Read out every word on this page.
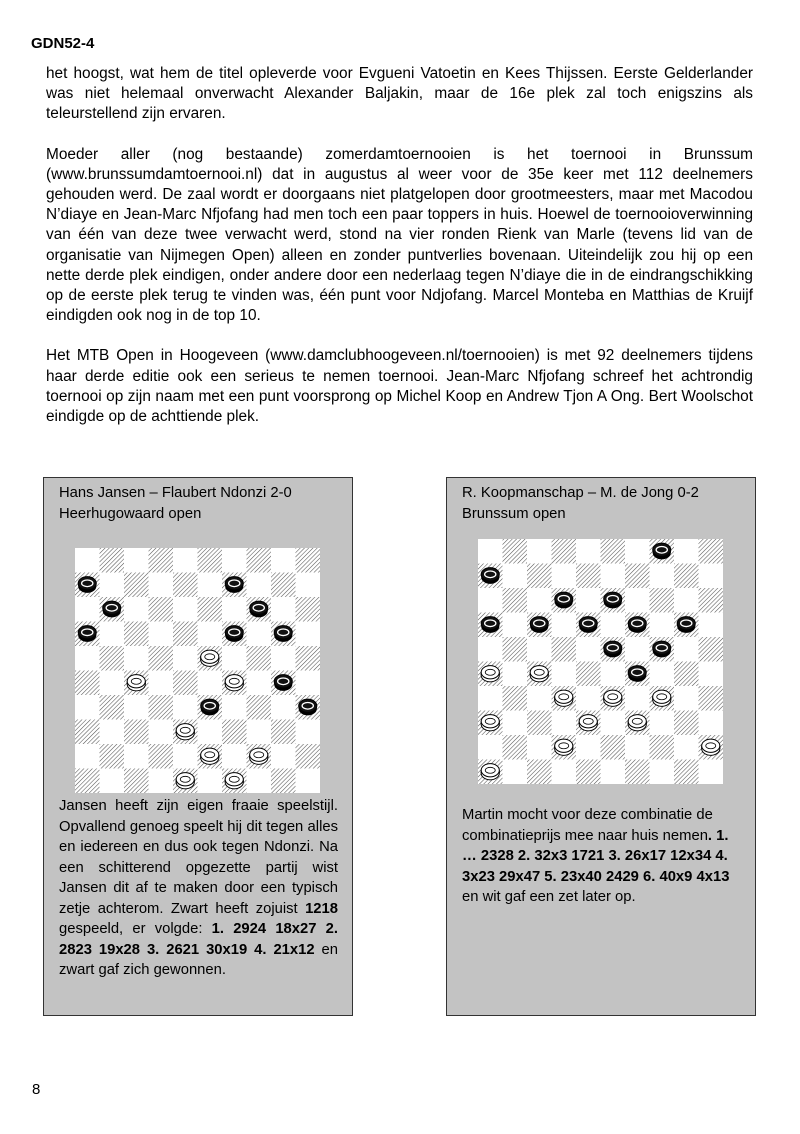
GDN52-4

het hoogst, wat hem de titel opleverde voor Evgueni Vatoetin en Kees Thijssen. Eerste Gelderlander was niet helemaal onverwacht Alexander Baljakin, maar de 16e plek zal toch enigszins als teleurstellend zijn ervaren.

Moeder aller (nog bestaande) zomerdamtoernooien is het toernooi in Brunssum (www.brunssumdamtoernooi.nl) dat in augustus al weer voor de 35e keer met 112 deelnemers gehouden werd. De zaal wordt er doorgaans niet platgelopen door grootmeesters, maar met Macodou N’diaye en Jean-Marc Nfjofang had men toch een paar toppers in huis. Hoewel de toernooioverwinning van één van deze twee verwacht werd, stond na vier ronden Rienk van Marle (tevens lid van de organisatie van Nijmegen Open) alleen en zonder puntverlies bovenaan. Uiteindelijk zou hij op een nette derde plek eindigen, onder andere door een nederlaag tegen N’diaye die in de eindrangschikking op de eerste plek terug te vinden was, één punt voor Ndjofang. Marcel Monteba en Matthias de Kruijf eindigden ook nog in de top 10.

Het MTB Open in Hoogeveen (www.damclubhoogeveen.nl/toernooien) is met 92 deelnemers tijdens haar derde editie ook een serieus te nemen toernooi. Jean-Marc Nfjofang schreef het achtrondig toernooi op zijn naam met een punt voorsprong op Michel Koop en Andrew Tjon A Ong. Bert Woolschot eindigde op de achttiende plek.

Hans Jansen – Flaubert Ndonzi 2-0
Heerhugowaard open
Jansen heeft zijn eigen fraaie speelstijl. Opvallend genoeg speelt hij dit tegen alles en iedereen en dus ook tegen Ndonzi. Na een schitterend opgezette partij wist Jansen dit af te maken door een typisch zetje achterom. Zwart heeft zojuist 1218 gespeeld, er volgde: 1. 2924 18x27 2. 2823 19x28 3. 2621 30x19 4. 21x12 en zwart gaf zich gewonnen.
R. Koopmanschap – M. de Jong 0-2
Brunssum open
Martin mocht voor deze combinatie de combinatieprijs mee naar huis nemen. 1. … 2328 2. 32x3 1721 3. 26x17 12x34 4. 3x23 29x47 5. 23x40 2429 6. 40x9 4x13 en wit gaf een zet later op.
8
